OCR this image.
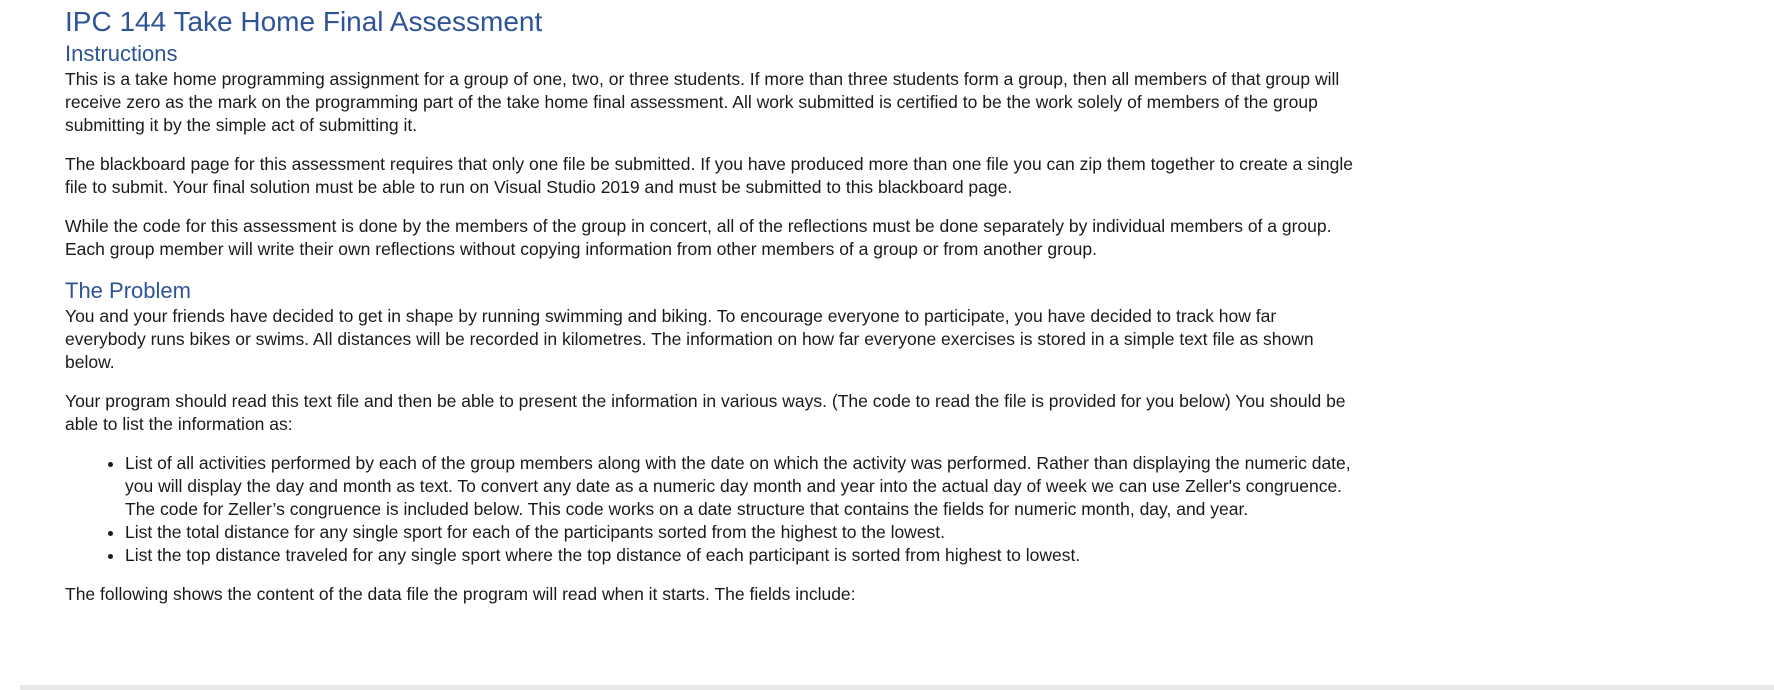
IPC 144 Take Home Final Assessment
Instructions

This is a take home programming assignment for a group of one, two, or three students. If more than three students form a group, then all members of that group will receive zero as the mark on the programming part of the take home final assessment. All work submitted is certified to be the work solely of members of the group submitting it by the simple act of submitting it.

The blackboard page for this assessment requires that only one file be submitted. If you have produced more than one file you can zip them together to create a single file to submit. Your final solution must be able to run on Visual Studio 2019 and must be submitted to this blackboard page.

While the code for this assessment is done by the members of the group in concert, all of the reflections must be done separately by individual members of a group. Each group member will write their own reflections without copying information from other members of a group or from another group.

The Problem

You and your friends have decided to get in shape by running swimming and biking. To encourage everyone to participate, you have decided to track how far everybody runs bikes or swims. All distances will be recorded in kilometres. The information on how far everyone exercises is stored in a simple text file as shown below.

Your program should read this text file and then be able to present the information in various ways. (The code to read the file is provided for you below) You should be able to list the information as:

• List of all activities performed by each of the group members along with the date on which the activity was performed. Rather than displaying the numeric date, you will display the day and month as text. To convert any date as a numeric day month and year into the actual day of week we can use Zeller's congruence. The code for Zeller’s congruence is included below. This code works on a date structure that contains the fields for numeric month, day, and year.
• List the total distance for any single sport for each of the participants sorted from the highest to the lowest.
• List the top distance traveled for any single sport where the top distance of each participant is sorted from highest to lowest.

The following shows the content of the data file the program will read when it starts. The fields include:
